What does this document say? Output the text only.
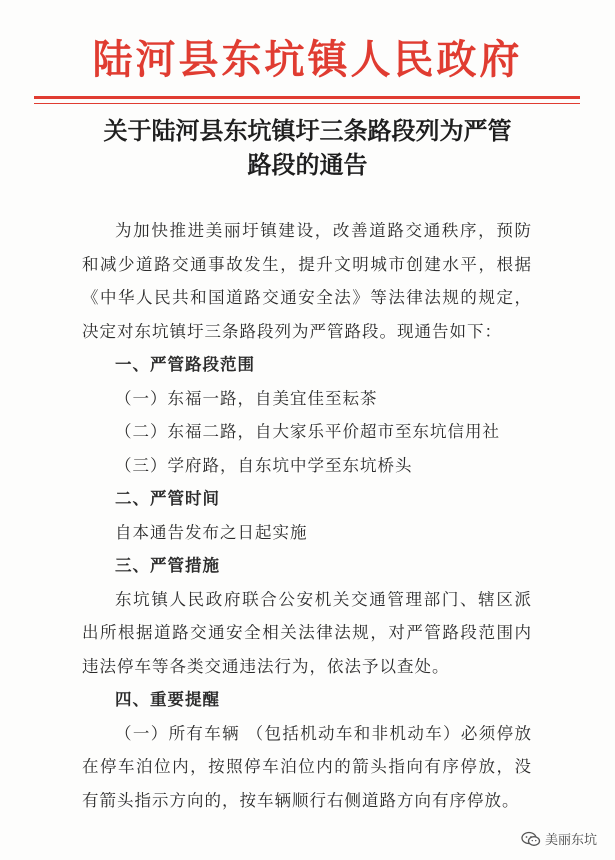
陆河县东坑镇人民政府
关于陆河县东坑镇圩三条路段列为严管
路段的通告

为加快推进美丽圩镇建设，改善道路交通秩序，预防和减少道路交通事故发生，提升文明城市创建水平，根据《中华人民共和国道路交通安全法》等法律法规的规定，决定对东坑镇圩三条路段列为严管路段。现通告如下：

一、严管路段范围

（一）东福一路，自美宜佳至耘茶

（二）东福二路，自大家乐平价超市至东坑信用社

（三）学府路，自东坑中学至东坑桥头

二、严管时间

自本通告发布之日起实施

三、严管措施

东坑镇人民政府联合公安机关交通管理部门、辖区派出所根据道路交通安全相关法律法规，对严管路段范围内违法停车等各类交通违法行为，依法予以查处。

四、重要提醒

（一）所有车辆 （包括机动车和非机动车）必须停放在停车泊位内，按照停车泊位内的箭头指向有序停放，没有箭头指示方向的，按车辆顺行右侧道路方向有序停放。

美丽东坑
